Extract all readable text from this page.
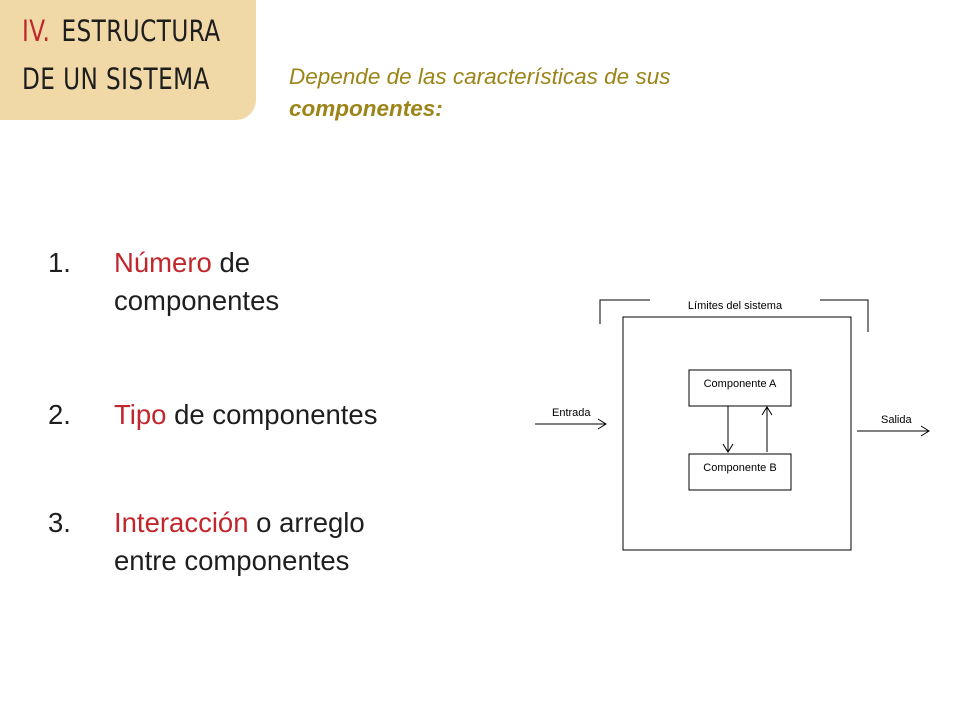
IV. ESTRUCTURA
DE UN SISTEMA	Depende de las características de sus
componentes:
1.	Número de
componentes
2.	Tipo de componentes
3.	Interacción o arreglo
entre componentes
Límites del sistema
Componente A
Componente B
Entrada
Salida
